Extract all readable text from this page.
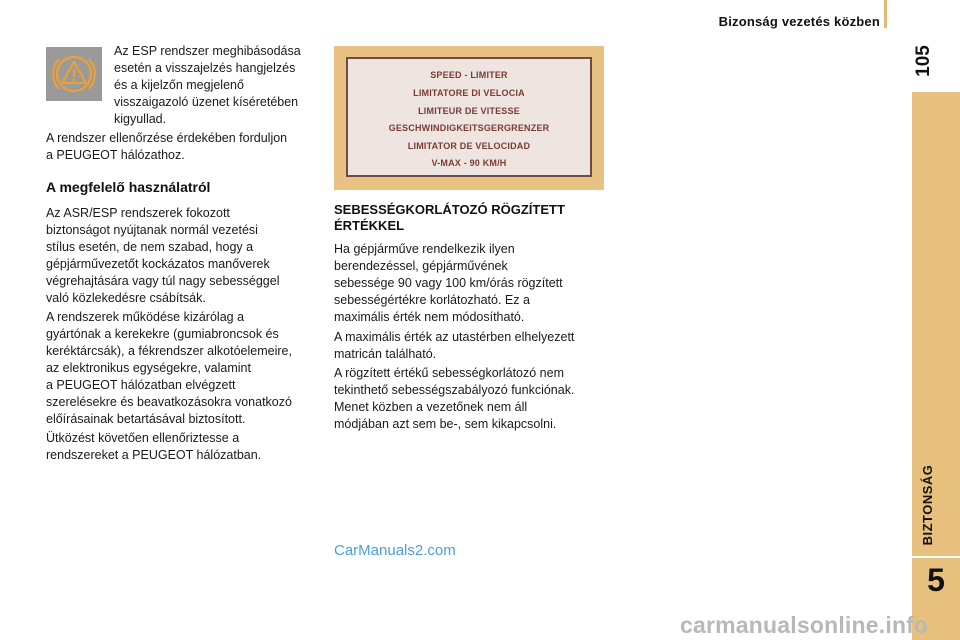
Bizonság vezetés közben
105
BIZTONSÁG
5

Az ESP rendszer meghibásodása

esetén a visszajelzés hangjelzés

és a kijelzőn megjelenő

visszaigazoló üzenet kíséretében

kigyullad.

A rendszer ellenőrzése érdekében forduljon

a PEUGEOT hálózathoz.

A megfelelő használatról

Az ASR/ESP rendszerek fokozott

biztonságot nyújtanak normál vezetési

stílus esetén, de nem szabad, hogy a

gépjárművezetőt kockázatos manőverek

végrehajtására vagy túl nagy sebességgel

való közlekedésre csábítsák.

A rendszerek működése kizárólag a

gyártónak a kerekekre (gumiabroncsok és

keréktárcsák), a fékrendszer alkotóelemeire,

az elektronikus egységekre, valamint

a PEUGEOT hálózatban elvégzett

szerelésekre és beavatkozásokra vonatkozó

előírásainak betartásával biztosított.

Ütközést követően ellenőriztesse a

rendszereket a PEUGEOT hálózatban.

SPEED - LIMITER
LIMITATORE DI VELOCIA
LIMITEUR DE VITESSE
GESCHWINDIGKEITSGERGRENZER
LIMITATOR DE VELOCIDAD
V-MAX - 90 KM/H
SEBESSÉGKORLÁTOZÓ RÖGZÍTETT
ÉRTÉKKEL

Ha gépjárműve rendelkezik ilyen

berendezéssel, gépjárművének

sebessége 90 vagy 100 km/órás rögzített

sebességértékre korlátozható. Ez a

maximális érték nem módosítható.

A maximális érték az utastérben elhelyezett

matricán található.

A rögzített értékű sebességkorlátozó nem

tekinthető sebességszabályozó funkciónak.

Menet közben a vezetőnek nem áll

módjában azt sem be-, sem kikapcsolni.

CarManuals2.com
carmanualsonline.info
